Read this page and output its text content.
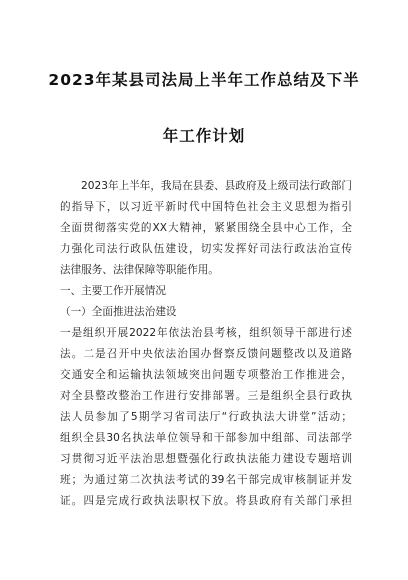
2023年某县司法局上半年工作总结及下半
年工作计划
2023年上半年，我局在县委、县政府及上级司法行政部门
的指导下，以习近平新时代中国特色社会主义思想为指引
全面贯彻落实党的XX大精神，紧紧围绕全县中心工作，全
力强化司法行政队伍建设，切实发挥好司法行政法治宣传
法律服务、法律保障等职能作用。
一、主要工作开展情况
（一）全面推进法治建设
一是组织开展2022年依法治县考核，组织领导干部进行述
法。二是召开中央依法治国办督察反馈问题整改以及道路
交通安全和运输执法领域突出问题专项整治工作推进会，
对全县整改整治工作进行安排部署。三是组织全县行政执
法人员参加了5期学习省司法厅“行政执法大讲堂”活动；
组织全县30名执法单位领导和干部参加中组部、司法部学
习贯彻习近平法治思想暨强化行政执法能力建设专题培训
班；为通过第二次执法考试的39名干部完成审核制证并发
证。四是完成行政执法职权下放。将县政府有关部门承担
